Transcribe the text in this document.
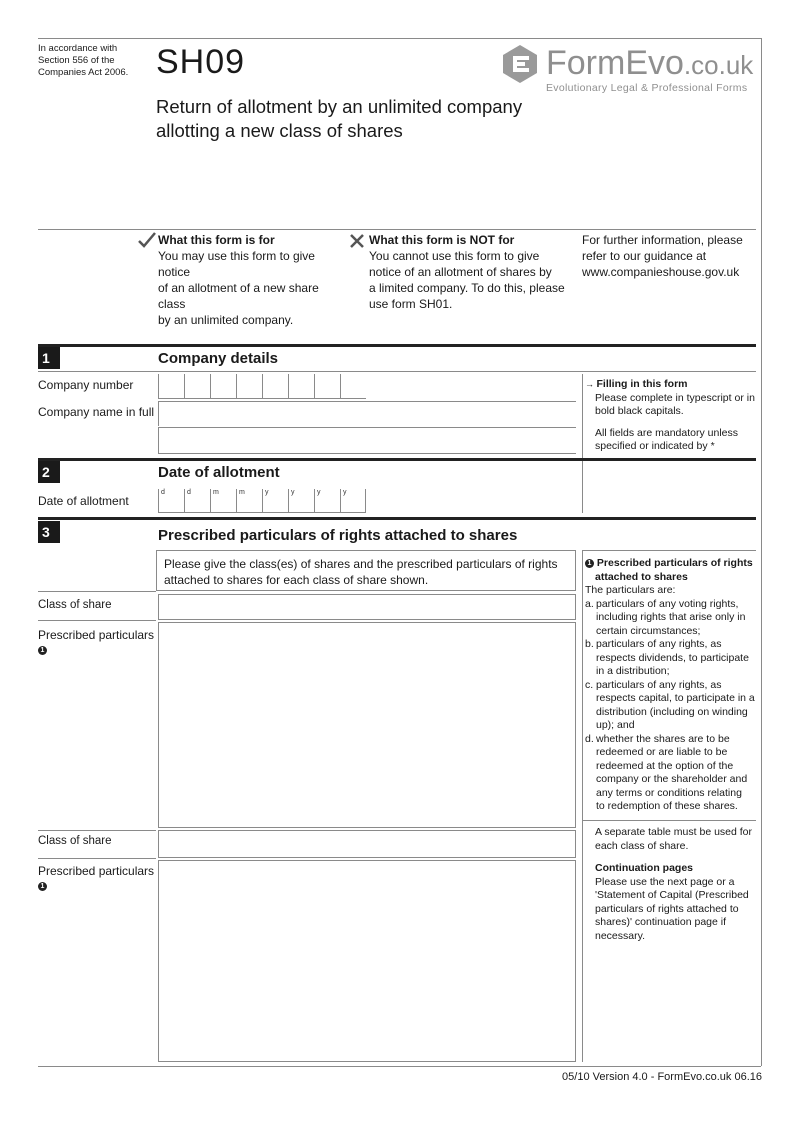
In accordance with
Section 556 of the
Companies Act 2006. SH09	FormEvo.co.uk
Evolutionary Legal & Professional Forms
Return of allotment by an unlimited company
allotting a new class of shares
What this form is for
You may use this form to give notice
of an allotment of a new share class
by an unlimited company.
What this form is NOT for
You cannot use this form to give
notice of an allotment of shares by
a limited company. To do this, please
use form SH01.
For further information, please
refer to our guidance at
www.companieshouse.gov.uk
1	Company details
Company number
Company name in full
→ Filling in this form
Please complete in typescript or in
bold black capitals.
All fields are mandatory unless
specified or indicated by *
2	Date of allotment
Date of allotment
d	d	m	m	y	y	y	y
3	Prescribed particulars of rights attached to shares
Please give the class(es) of shares and the prescribed particulars of rights
attached to shares for each class of share shown.
Class of share
Prescribed particulars
1
Class of share
Prescribed particulars
1
1 Prescribed particulars of rights
attached to shares
The particulars are:
a. particulars of any voting rights,
including rights that arise only in
certain circumstances;
b. particulars of any rights, as
respects dividends, to participate
in a distribution;
c. particulars of any rights, as
respects capital, to participate in a
distribution (including on winding
up); and
d. whether the shares are to be
redeemed or are liable to be
redeemed at the option of the
company or the shareholder and
any terms or conditions relating
to redemption of these shares.
A separate table must be used for
each class of share.
Continuation pages
Please use the next page or a
'Statement of Capital (Prescribed
particulars of rights attached to
shares)' continuation page if
necessary.
05/10 Version 4.0 - FormEvo.co.uk 06.16
